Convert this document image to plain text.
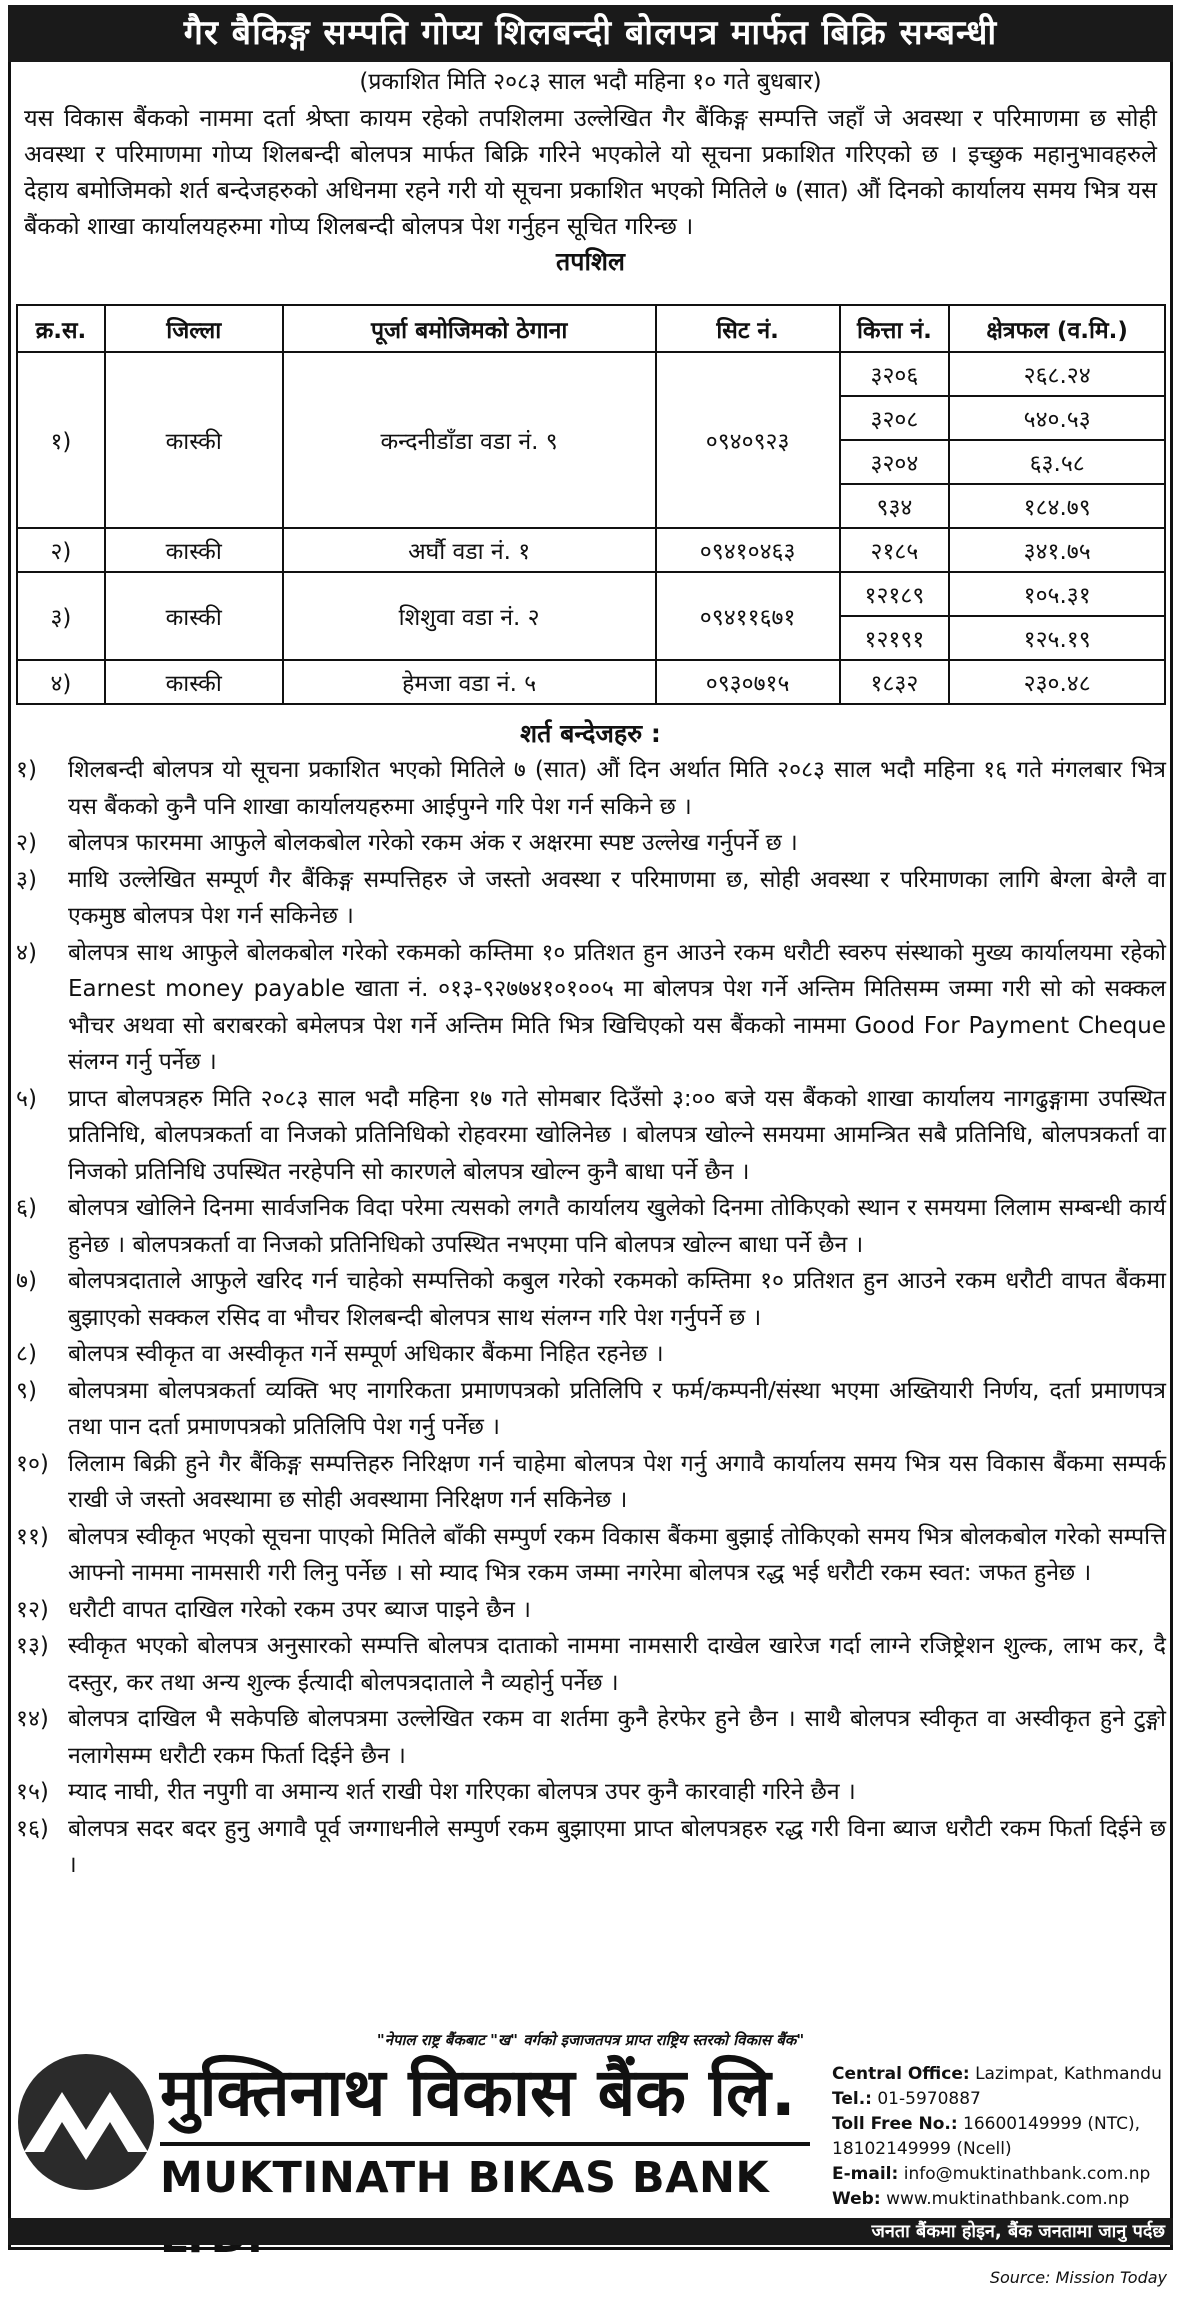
गैर बैकिङ्ग सम्पति गोप्य शिलबन्दी बोलपत्र मार्फत बिक्रि सम्बन्धी
(प्रकाशित मिति २०८३ साल भदौ महिना १० गते बुधबार)
यस विकास बैंकको नाममा दर्ता श्रेष्ता कायम रहेको तपशिलमा उल्लेखित गैर बैंकिङ्ग सम्पत्ति जहाँ जे अवस्था र परिमाणमा छ सोही अवस्था र परिमाणमा गोप्य शिलबन्दी बोलपत्र मार्फत बिक्रि गरिने भएकोले यो सूचना प्रकाशित गरिएको छ । इच्छुक महानुभावहरुले देहाय बमोजिमको शर्त बन्देजहरुको अधिनमा रहने गरी यो सूचना प्रकाशित भएको मितिले ७ (सात) औं दिनको कार्यालय समय भित्र यस बैंकको शाखा कार्यालयहरुमा गोप्य शिलबन्दी बोलपत्र पेश गर्नुहन सूचित गरिन्छ ।
तपशिल
क्र.स.	जिल्ला	पूर्जा बमोजिमको ठेगाना	सिट नं.	कित्ता नं.	क्षेत्रफल (व.मि.)
१)	कास्की	कन्दनीडाँडा वडा नं. ९	०९४०९२३	३२०६	२६८.२४
				३२०८	५४०.५३
				३२०४	६३.५८
				९३४	१८४.७९
२)	कास्की	अर्घौ वडा नं. १	०९४१०४६३	२१८५	३४१.७५
३)	कास्की	शिशुवा वडा नं. २	०९४११६७१	१२१८९	१०५.३१
				१२१९१	१२५.१९
४)	कास्की	हेमजा वडा नं. ५	०९३०७१५	१८३२	२३०.४८
शर्त बन्देजहरु :
१)	शिलबन्दी बोलपत्र यो सूचना प्रकाशित भएको मितिले ७ (सात) औं दिन अर्थात मिति २०८३ साल भदौ महिना १६ गते मंगलबार भित्र यस बैंकको कुनै पनि शाखा कार्यालयहरुमा आईपुग्ने गरि पेश गर्न सकिने छ ।
२)	बोलपत्र फारममा आफुले बोलकबोल गरेको रकम अंक र अक्षरमा स्पष्ट उल्लेख गर्नुपर्ने छ ।
३)	माथि उल्लेखित सम्पूर्ण गैर बैंकिङ्ग सम्पत्तिहरु जे जस्तो अवस्था र परिमाणमा छ, सोही अवस्था र परिमाणका लागि बेग्ला बेग्लै वा एकमुष्ठ बोलपत्र पेश गर्न सकिनेछ ।
४)	बोलपत्र साथ आफुले बोलकबोल गरेको रकमको कम्तिमा १० प्रतिशत हुन आउने रकम धरौटी स्वरुप संस्थाको मुख्य कार्यालयमा रहेको Earnest money payable खाता नं. ०१३-९२७७४१०१००५ मा बोलपत्र पेश गर्ने अन्तिम मितिसम्म जम्मा गरी सो को सक्कल भौचर अथवा सो बराबरको बमेलपत्र पेश गर्ने अन्तिम मिति भित्र खिचिएको यस बैंकको नाममा Good For Payment Cheque संलग्न गर्नु पर्नेछ ।
५)	प्राप्त बोलपत्रहरु मिति २०८३ साल भदौ महिना १७ गते सोमबार दिउँसो ३:०० बजे यस बैंकको शाखा कार्यालय नागढुङ्गामा उपस्थित प्रतिनिधि, बोलपत्रकर्ता वा निजको प्रतिनिधिको रोहवरमा खोलिनेछ । बोलपत्र खोल्ने समयमा आमन्त्रित सबै प्रतिनिधि, बोलपत्रकर्ता वा निजको प्रतिनिधि उपस्थित नरहेपनि सो कारणले बोलपत्र खोल्न कुनै बाधा पर्ने छैन ।
६)	बोलपत्र खोलिने दिनमा सार्वजनिक विदा परेमा त्यसको लगतै कार्यालय खुलेको दिनमा तोकिएको स्थान र समयमा लिलाम सम्बन्धी कार्य हुनेछ । बोलपत्रकर्ता वा निजको प्रतिनिधिको उपस्थित नभएमा पनि बोलपत्र खोल्न बाधा पर्ने छैन ।
७)	बोलपत्रदाताले आफुले खरिद गर्न चाहेको सम्पत्तिको कबुल गरेको रकमको कम्तिमा १० प्रतिशत हुन आउने रकम धरौटी वापत बैंकमा बुझाएको सक्कल रसिद वा भौचर शिलबन्दी बोलपत्र साथ संलग्न गरि पेश गर्नुपर्ने छ ।
८)	बोलपत्र स्वीकृत वा अस्वीकृत गर्ने सम्पूर्ण अधिकार बैंकमा निहित रहनेछ ।
९)	बोलपत्रमा बोलपत्रकर्ता व्यक्ति भए नागरिकता प्रमाणपत्रको प्रतिलिपि र फर्म/कम्पनी/संस्था भएमा अख्तियारी निर्णय, दर्ता प्रमाणपत्र तथा पान दर्ता प्रमाणपत्रको प्रतिलिपि पेश गर्नु पर्नेछ ।
१०) लिलाम बिक्री हुने गैर बैंकिङ्ग सम्पत्तिहरु निरिक्षण गर्न चाहेमा बोलपत्र पेश गर्नु अगावै कार्यालय समय भित्र यस विकास बैंकमा सम्पर्क राखी जे जस्तो अवस्थामा छ सोही अवस्थामा निरिक्षण गर्न सकिनेछ ।
११) बोलपत्र स्वीकृत भएको सूचना पाएको मितिले बाँकी सम्पुर्ण रकम विकास बैंकमा बुझाई तोकिएको समय भित्र बोलकबोल गरेको सम्पत्ति आफ्नो नाममा नामसारी गरी लिनु पर्नेछ । सो म्याद भित्र रकम जम्मा नगरेमा बोलपत्र रद्ध भई धरौटी रकम स्वत: जफत हुनेछ ।
१२) धरौटी वापत दाखिल गरेको रकम उपर ब्याज पाइने छैन ।
१३) स्वीकृत भएको बोलपत्र अनुसारको सम्पत्ति बोलपत्र दाताको नाममा नामसारी दाखेल खारेज गर्दा लाग्ने रजिष्ट्रेशन शुल्क, लाभ कर, दै दस्तुर, कर तथा अन्य शुल्क ईत्यादी बोलपत्रदाताले नै व्यहोर्नु पर्नेछ ।
१४) बोलपत्र दाखिल भै सकेपछि बोलपत्रमा उल्लेखित रकम वा शर्तमा कुनै हेरफेर हुने छैन । साथै बोलपत्र स्वीकृत वा अस्वीकृत हुने टुङ्गो नलागेसम्म धरौटी रकम फिर्ता दिईने छैन ।
१५) म्याद नाघी, रीत नपुगी वा अमान्य शर्त राखी पेश गरिएका बोलपत्र उपर कुनै कारवाही गरिने छैन ।
१६) बोलपत्र सदर बदर हुनु अगावै पूर्व जग्गाधनीले सम्पुर्ण रकम बुझाएमा प्राप्त बोलपत्रहरु रद्ध गरी विना ब्याज धरौटी रकम फिर्ता दिईने छ ।
"नेपाल राष्ट्र बैंकबाट "ख" वर्गको इजाजतपत्र प्राप्त राष्ट्रिय स्तरको विकास बैंक"
मुक्तिनाथ विकास बैंक लि.
MUKTINATH BIKAS BANK
Central Office: Lazimpat, Kathmandu
Tel.: 01-5970887
Toll Free No.: 16600149999 (NTC),
18102149999 (Ncell)
E-mail: info@muktinathbank.com.np
Web: www.muktinathbank.com.np
जनता बैंकमा होइन, बैंक जनतामा जानु पर्दछ
Source: Mission Today
